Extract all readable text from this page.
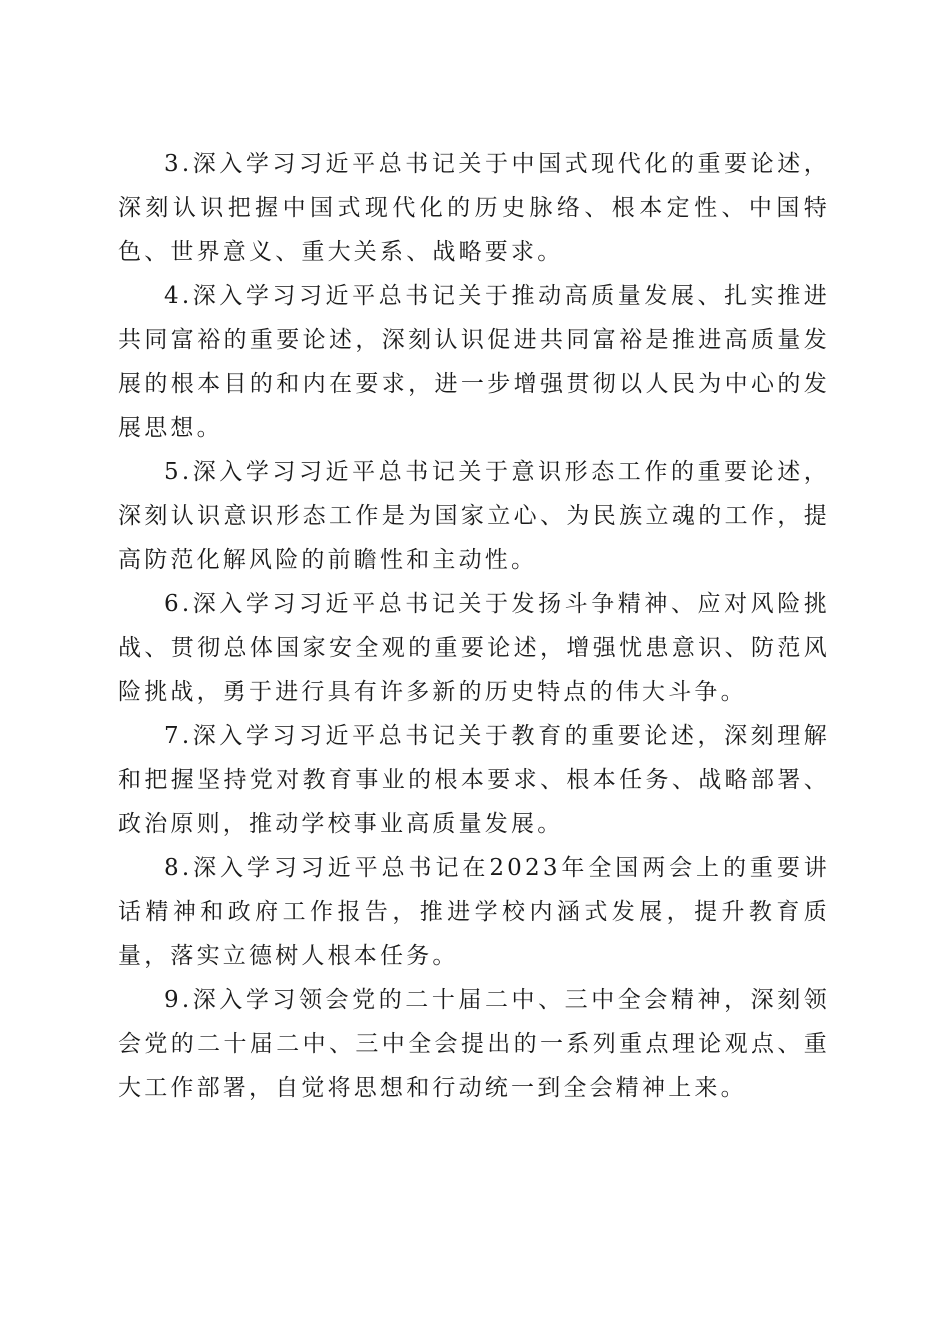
3.深入学习习近平总书记关于中国式现代化的重要论述，深刻认识把握中国式现代化的历史脉络、根本定性、中国特色、世界意义、重大关系、战略要求。

4.深入学习习近平总书记关于推动高质量发展、扎实推进共同富裕的重要论述，深刻认识促进共同富裕是推进高质量发展的根本目的和内在要求，进一步增强贯彻以人民为中心的发展思想。

5.深入学习习近平总书记关于意识形态工作的重要论述，深刻认识意识形态工作是为国家立心、为民族立魂的工作，提高防范化解风险的前瞻性和主动性。

6.深入学习习近平总书记关于发扬斗争精神、应对风险挑战、贯彻总体国家安全观的重要论述，增强忧患意识、防范风险挑战，勇于进行具有许多新的历史特点的伟大斗争。

7.深入学习习近平总书记关于教育的重要论述，深刻理解和把握坚持党对教育事业的根本要求、根本任务、战略部署、政治原则，推动学校事业高质量发展。

8.深入学习习近平总书记在2023年全国两会上的重要讲话精神和政府工作报告，推进学校内涵式发展，提升教育质量，落实立德树人根本任务。

9.深入学习领会党的二十届二中、三中全会精神，深刻领会党的二十届二中、三中全会提出的一系列重点理论观点、重大工作部署，自觉将思想和行动统一到全会精神上来。
